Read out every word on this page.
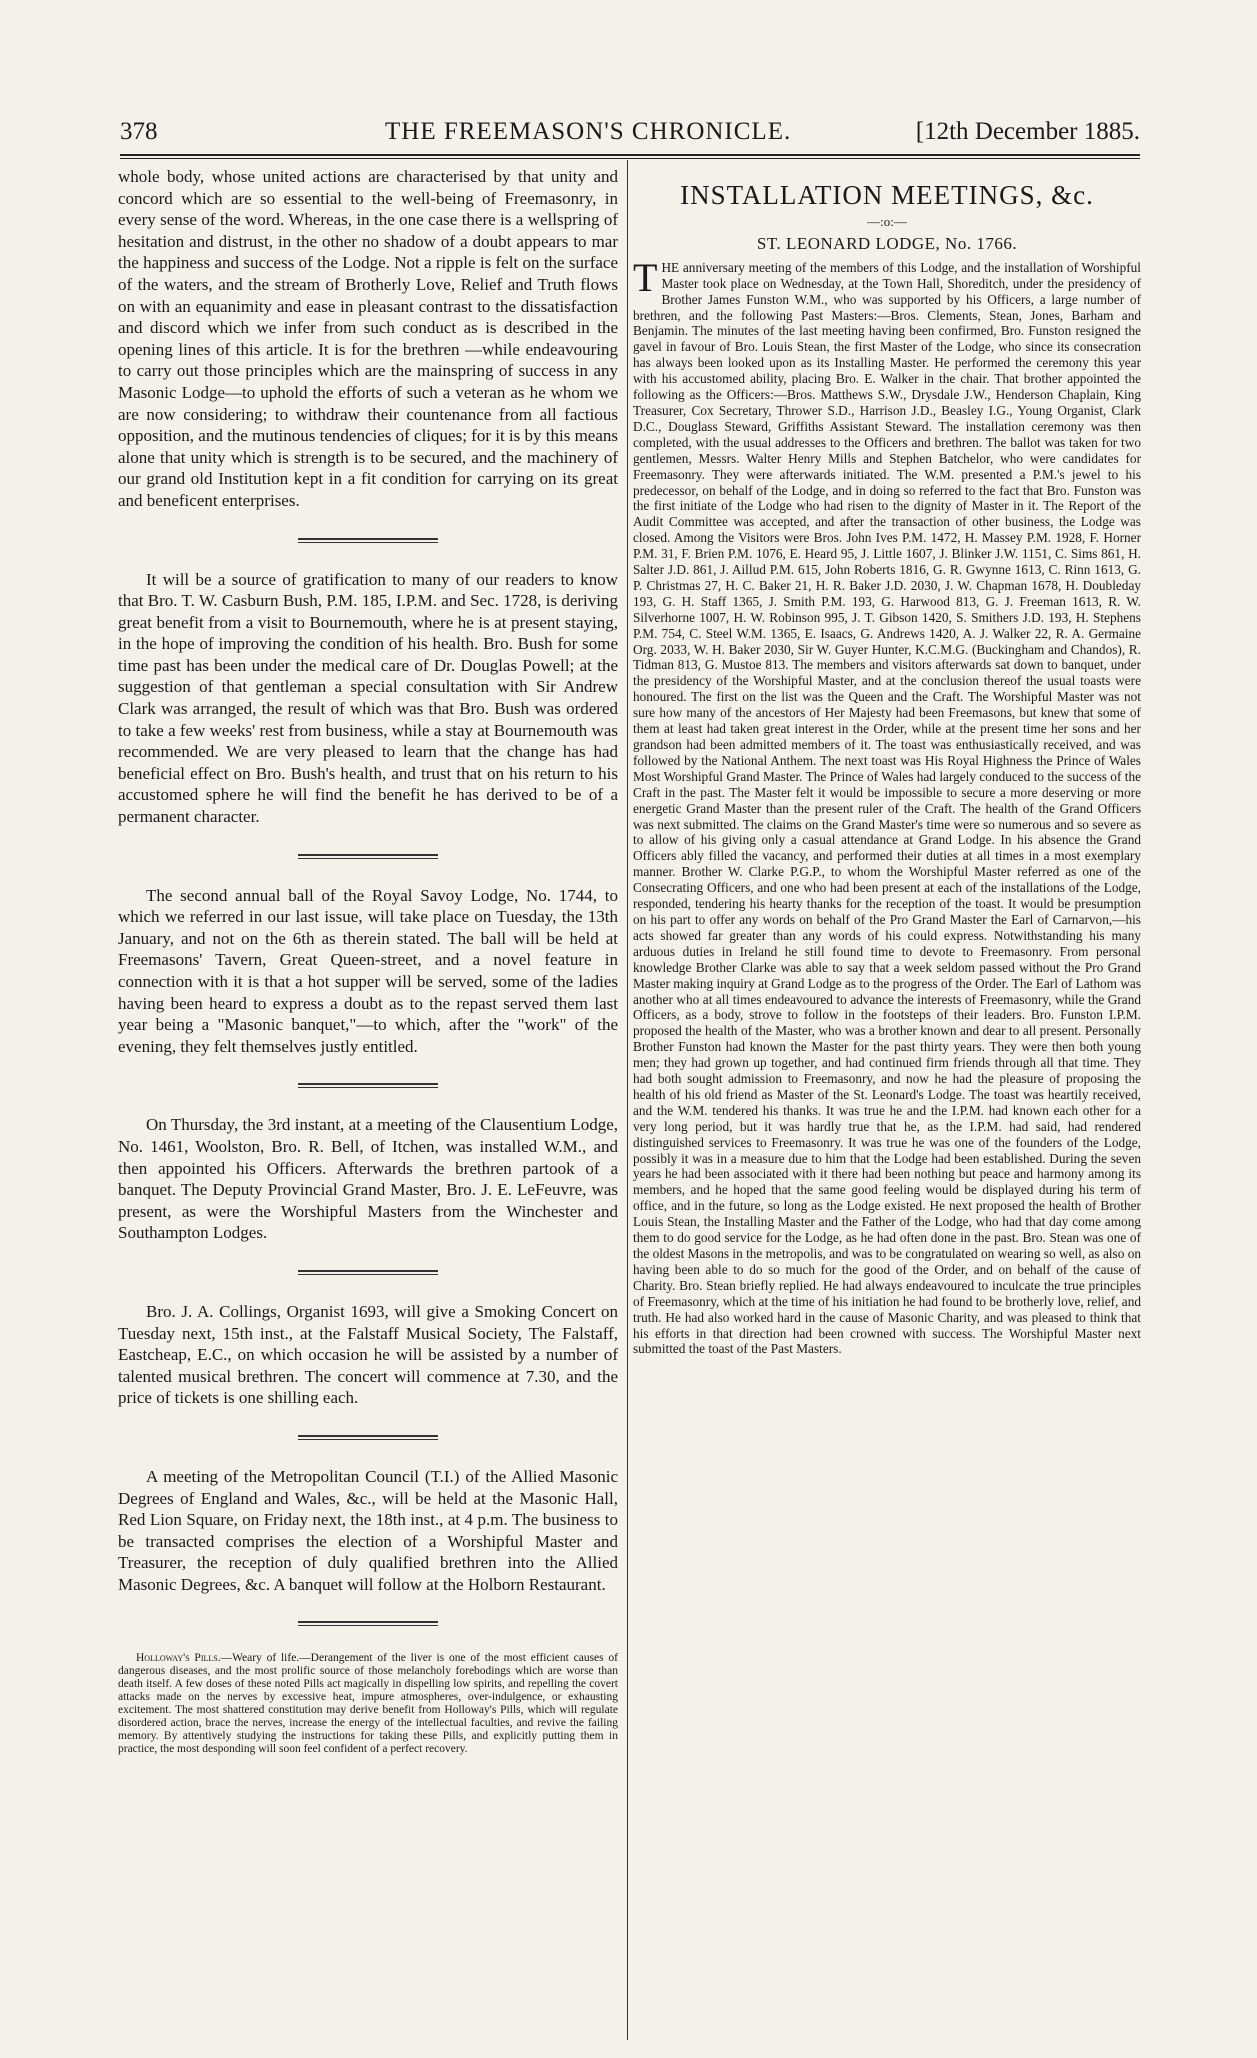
378	THE FREEMASON'S CHRONICLE.	[12th December 1885.

whole body, whose united actions are characterised by that unity and concord which are so essential to the well-being of Freemasonry, in every sense of the word. Whereas, in the one case there is a wellspring of hesitation and distrust, in the other no shadow of a doubt appears to mar the happiness and success of the Lodge. Not a ripple is felt on the surface of the waters, and the stream of Brotherly Love, Relief and Truth flows on with an equanimity and ease in pleasant contrast to the dissatisfaction and discord which we infer from such conduct as is described in the opening lines of this article. It is for the brethren —while endeavouring to carry out those principles which are the mainspring of success in any Masonic Lodge—to uphold the efforts of such a veteran as he whom we are now considering; to withdraw their countenance from all factious opposition, and the mutinous tendencies of cliques; for it is by this means alone that unity which is strength is to be secured, and the machinery of our grand old Institution kept in a fit condition for carrying on its great and beneficent enterprises.

It will be a source of gratification to many of our readers to know that Bro. T. W. Casburn Bush, P.M. 185, I.P.M. and Sec. 1728, is deriving great benefit from a visit to Bournemouth, where he is at present staying, in the hope of improving the condition of his health. Bro. Bush for some time past has been under the medical care of Dr. Douglas Powell; at the suggestion of that gentleman a special consultation with Sir Andrew Clark was arranged, the result of which was that Bro. Bush was ordered to take a few weeks' rest from business, while a stay at Bournemouth was recommended. We are very pleased to learn that the change has had beneficial effect on Bro. Bush's health, and trust that on his return to his accustomed sphere he will find the benefit he has derived to be of a permanent character.

The second annual ball of the Royal Savoy Lodge, No. 1744, to which we referred in our last issue, will take place on Tuesday, the 13th January, and not on the 6th as therein stated. The ball will be held at Freemasons' Tavern, Great Queen-street, and a novel feature in connection with it is that a hot supper will be served, some of the ladies having been heard to express a doubt as to the repast served them last year being a "Masonic banquet,"—to which, after the "work" of the evening, they felt themselves justly entitled.

On Thursday, the 3rd instant, at a meeting of the Clausentium Lodge, No. 1461, Woolston, Bro. R. Bell, of Itchen, was installed W.M., and then appointed his Officers. Afterwards the brethren partook of a banquet. The Deputy Provincial Grand Master, Bro. J. E. LeFeuvre, was present, as were the Worshipful Masters from the Winchester and Southampton Lodges.

Bro. J. A. Collings, Organist 1693, will give a Smoking Concert on Tuesday next, 15th inst., at the Falstaff Musical Society, The Falstaff, Eastcheap, E.C., on which occasion he will be assisted by a number of talented musical brethren. The concert will commence at 7.30, and the price of tickets is one shilling each.

A meeting of the Metropolitan Council (T.I.) of the Allied Masonic Degrees of England and Wales, &c., will be held at the Masonic Hall, Red Lion Square, on Friday next, the 18th inst., at 4 p.m. The business to be transacted comprises the election of a Worshipful Master and Treasurer, the reception of duly qualified brethren into the Allied Masonic Degrees, &c. A banquet will follow at the Holborn Restaurant.

Holloway's Pills.—Weary of life.—Derangement of the liver is one of the most efficient causes of dangerous diseases, and the most prolific source of those melancholy forebodings which are worse than death itself. A few doses of these noted Pills act magically in dispelling low spirits, and repelling the covert attacks made on the nerves by excessive heat, impure atmospheres, over-indulgence, or exhausting excitement. The most shattered constitution may derive benefit from Holloway's Pills, which will regulate disordered action, brace the nerves, increase the energy of the intellectual faculties, and revive the failing memory. By attentively studying the instructions for taking these Pills, and explicitly putting them in practice, the most desponding will soon feel confident of a perfect recovery.
INSTALLATION MEETINGS, &c.
—:o:—
ST. LEONARD LODGE, No. 1766.

THE anniversary meeting of the members of this Lodge, and the installation of Worshipful Master took place on Wednesday, at the Town Hall, Shoreditch, under the presidency of Brother James Funston W.M., who was supported by his Officers, a large number of brethren, and the following Past Masters:—Bros. Clements, Stean, Jones, Barham and Benjamin. The minutes of the last meeting having been confirmed, Bro. Funston resigned the gavel in favour of Bro. Louis Stean, the first Master of the Lodge, who since its consecration has always been looked upon as its Installing Master. He performed the ceremony this year with his accustomed ability, placing Bro. E. Walker in the chair. That brother appointed the following as the Officers:—Bros. Matthews S.W., Drysdale J.W., Henderson Chaplain, King Treasurer, Cox Secretary, Thrower S.D., Harrison J.D., Beasley I.G., Young Organist, Clark D.C., Douglass Steward, Griffiths Assistant Steward. The installation ceremony was then completed, with the usual addresses to the Officers and brethren. The ballot was taken for two gentlemen, Messrs. Walter Henry Mills and Stephen Batchelor, who were candidates for Freemasonry. They were afterwards initiated. The W.M. presented a P.M.'s jewel to his predecessor, on behalf of the Lodge, and in doing so referred to the fact that Bro. Funston was the first initiate of the Lodge who had risen to the dignity of Master in it. The Report of the Audit Committee was accepted, and after the transaction of other business, the Lodge was closed. Among the Visitors were Bros. John Ives P.M. 1472, H. Massey P.M. 1928, F. Horner P.M. 31, F. Brien P.M. 1076, E. Heard 95, J. Little 1607, J. Blinker J.W. 1151, C. Sims 861, H. Salter J.D. 861, J. Aillud P.M. 615, John Roberts 1816, G. R. Gwynne 1613, C. Rinn 1613, G. P. Christmas 27, H. C. Baker 21, H. R. Baker J.D. 2030, J. W. Chapman 1678, H. Doubleday 193, G. H. Staff 1365, J. Smith P.M. 193, G. Harwood 813, G. J. Freeman 1613, R. W. Silverhorne 1007, H. W. Robinson 995, J. T. Gibson 1420, S. Smithers J.D. 193, H. Stephens P.M. 754, C. Steel W.M. 1365, E. Isaacs, G. Andrews 1420, A. J. Walker 22, R. A. Germaine Org. 2033, W. H. Baker 2030, Sir W. Guyer Hunter, K.C.M.G. (Buckingham and Chandos), R. Tidman 813, G. Mustoe 813. The members and visitors afterwards sat down to banquet, under the presidency of the Worshipful Master, and at the conclusion thereof the usual toasts were honoured. The first on the list was the Queen and the Craft. The Worshipful Master was not sure how many of the ancestors of Her Majesty had been Freemasons, but knew that some of them at least had taken great interest in the Order, while at the present time her sons and her grandson had been admitted members of it. The toast was enthusiastically received, and was followed by the National Anthem. The next toast was His Royal Highness the Prince of Wales Most Worshipful Grand Master. The Prince of Wales had largely conduced to the success of the Craft in the past. The Master felt it would be impossible to secure a more deserving or more energetic Grand Master than the present ruler of the Craft. The health of the Grand Officers was next submitted. The claims on the Grand Master's time were so numerous and so severe as to allow of his giving only a casual attendance at Grand Lodge. In his absence the Grand Officers ably filled the vacancy, and performed their duties at all times in a most exemplary manner. Brother W. Clarke P.G.P., to whom the Worshipful Master referred as one of the Consecrating Officers, and one who had been present at each of the installations of the Lodge, responded, tendering his hearty thanks for the reception of the toast. It would be presumption on his part to offer any words on behalf of the Pro Grand Master the Earl of Carnarvon,—his acts showed far greater than any words of his could express. Notwithstanding his many arduous duties in Ireland he still found time to devote to Freemasonry. From personal knowledge Brother Clarke was able to say that a week seldom passed without the Pro Grand Master making inquiry at Grand Lodge as to the progress of the Order. The Earl of Lathom was another who at all times endeavoured to advance the interests of Freemasonry, while the Grand Officers, as a body, strove to follow in the footsteps of their leaders. Bro. Funston I.P.M. proposed the health of the Master, who was a brother known and dear to all present. Personally Brother Funston had known the Master for the past thirty years. They were then both young men; they had grown up together, and had continued firm friends through all that time. They had both sought admission to Freemasonry, and now he had the pleasure of proposing the health of his old friend as Master of the St. Leonard's Lodge. The toast was heartily received, and the W.M. tendered his thanks. It was true he and the I.P.M. had known each other for a very long period, but it was hardly true that he, as the I.P.M. had said, had rendered distinguished services to Freemasonry. It was true he was one of the founders of the Lodge, possibly it was in a measure due to him that the Lodge had been established. During the seven years he had been associated with it there had been nothing but peace and harmony among its members, and he hoped that the same good feeling would be displayed during his term of office, and in the future, so long as the Lodge existed. He next proposed the health of Brother Louis Stean, the Installing Master and the Father of the Lodge, who had that day come among them to do good service for the Lodge, as he had often done in the past. Bro. Stean was one of the oldest Masons in the metropolis, and was to be congratulated on wearing so well, as also on having been able to do so much for the good of the Order, and on behalf of the cause of Charity. Bro. Stean briefly replied. He had always endeavoured to inculcate the true principles of Freemasonry, which at the time of his initiation he had found to be brotherly love, relief, and truth. He had also worked hard in the cause of Masonic Charity, and was pleased to think that his efforts in that direction had been crowned with success. The Worshipful Master next submitted the toast of the Past Masters.
